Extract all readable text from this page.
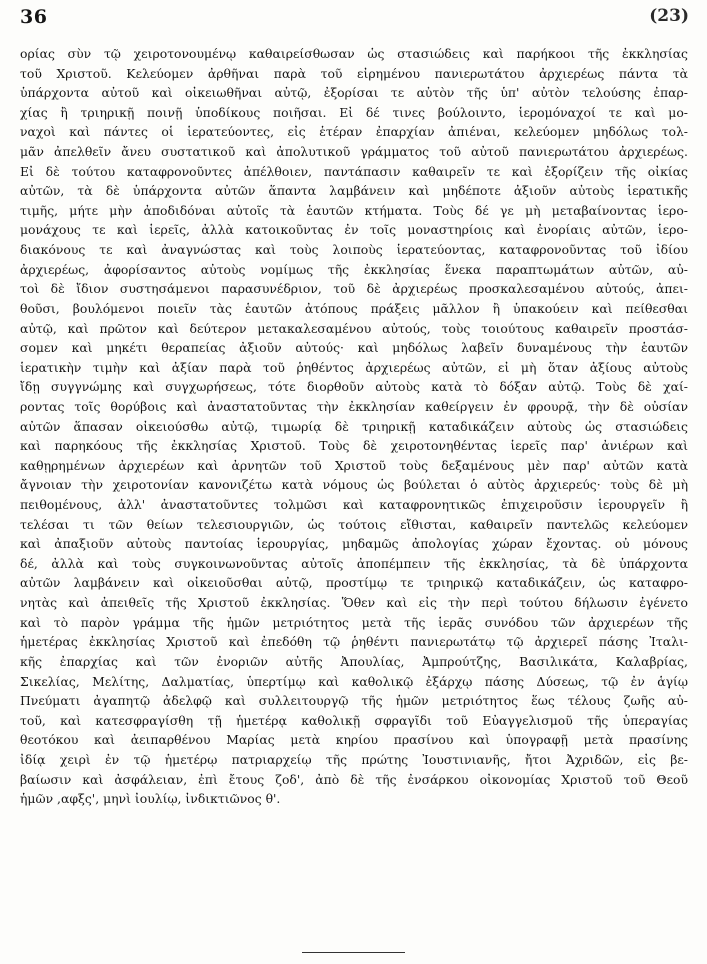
36	(23)
ορίας σὺν τῷ χειροτονουμένῳ καθαιρείσθωσαν ὡς στασιώδεις καὶ παρήκοοι τῆς ἐκκλησίας
τοῦ Χριστοῦ. Κελεύομεν ἀρθῆναι παρὰ τοῦ εἰρημένου πανιερωτάτου ἀρχιερέως πάντα τὰ
ὑπάρχοντα αὐτοῦ καὶ οἰκειωθῆναι αὐτῷ, ἐξορίσαι τε αὐτὸν τῆς ὑπ' αὐτὸν τελούσης ἐπαρ-
χίας ἢ τριηρικῇ ποινῇ ὑποδίκους ποιῆσαι. Εἰ δέ τινες βούλοιντο, ἱερομόναχοί τε καὶ μο-
ναχοὶ καὶ πάντες οἱ ἱερατεύοντες, εἰς ἑτέραν ἐπαρχίαν ἀπιέναι, κελεύομεν μηδόλως τολ-
μᾶν ἀπελθεῖν ἄνευ συστατικοῦ καὶ ἀπολυτικοῦ γράμματος τοῦ αὐτοῦ πανιερωτάτου ἀρχιερέως.
Εἰ δὲ τούτου καταφρονοῦντες ἀπέλθοιεν, παντάπασιν καθαιρεῖν τε καὶ ἐξορίζειν τῆς οἰκίας
αὐτῶν, τὰ δὲ ὑπάρχοντα αὐτῶν ἅπαντα λαμβάνειν καὶ μηδέποτε ἀξιοῦν αὐτοὺς ἱερατικῆς
τιμῆς, μήτε μὴν ἀποδιδόναι αὐτοῖς τὰ ἑαυτῶν κτήματα. Τοὺς δέ γε μὴ μεταβαίνοντας ἱερο-
μονάχους τε καὶ ἱερεῖς, ἀλλὰ κατοικοῦντας ἐν τοῖς μοναστηρίοις καὶ ἐνορίαις αὐτῶν, ἱερο-
διακόνους τε καὶ ἀναγνώστας καὶ τοὺς λοιποὺς ἱερατεύοντας, καταφρονοῦντας τοῦ ἰδίου
ἀρχιερέως, ἀφορίσαντος αὐτοὺς νομίμως τῆς ἐκκλησίας ἕνεκα παραπτωμάτων αὐτῶν, αὐ-
τοὶ δὲ ἴδιον συστησάμενοι παρασυνέδριον, τοῦ δὲ ἀρχιερέως προσκαλεσαμένου αὐτούς, ἀπει-
θοῦσι, βουλόμενοι ποιεῖν τὰς ἑαυτῶν ἀτόπους πράξεις μᾶλλον ἢ ὑπακούειν καὶ πείθεσθαι
αὐτῷ, καὶ πρῶτον καὶ δεύτερον μετακαλεσαμένου αὐτούς, τοὺς τοιούτους καθαιρεῖν προστάσ-
σομεν καὶ μηκέτι θεραπείας ἀξιοῦν αὐτούς· καὶ μηδόλως λαβεῖν δυναμένους τὴν ἑαυτῶν
ἱερατικὴν τιμὴν καὶ ἀξίαν παρὰ τοῦ ῥηθέντος ἀρχιερέως αὐτῶν, εἰ μὴ ὅταν ἀξίους αὐτοὺς
ἴδῃ συγγνώμης καὶ συγχωρήσεως, τότε διορθοῦν αὐτοὺς κατὰ τὸ δόξαν αὐτῷ. Τοὺς δὲ χαί-
ροντας τοῖς θορύβοις καὶ ἀναστατοῦντας τὴν ἐκκλησίαν καθείργειν ἐν φρουρᾷ, τὴν δὲ οὐσίαν
αὐτῶν ἅπασαν οἰκειούσθω αὐτῷ, τιμωρίᾳ δὲ τριηρικῇ καταδικάζειν αὐτοὺς ὡς στασιώδεις
καὶ παρηκόους τῆς ἐκκλησίας Χριστοῦ. Τοὺς δὲ χειροτονηθέντας ἱερεῖς παρ' ἀνιέρων καὶ
καθῃρημένων ἀρχιερέων καὶ ἀρνητῶν τοῦ Χριστοῦ τοὺς δεξαμένους μὲν παρ' αὐτῶν κατὰ
ἄγνοιαν τὴν χειροτονίαν κανονιζέτω κατὰ νόμους ὡς βούλεται ὁ αὐτὸς ἀρχιερεύς· τοὺς δὲ μὴ
πειθομένους, ἀλλ' ἀναστατοῦντες τολμῶσι καὶ καταφρονητικῶς ἐπιχειροῦσιν ἱερουργεῖν ἢ
τελέσαι τι τῶν θείων τελεσιουργιῶν, ὡς τούτοις εἴθισται, καθαιρεῖν παντελῶς κελεύομεν
καὶ ἀπαξιοῦν αὐτοὺς παντοίας ἱερουργίας, μηδαμῶς ἀπολογίας χώραν ἔχοντας. οὐ μόνους
δέ, ἀλλὰ καὶ τοὺς συγκοινωνοῦντας αὐτοῖς ἀποπέμπειν τῆς ἐκκλησίας, τὰ δὲ ὑπάρχοντα
αὐτῶν λαμβάνειν καὶ οἰκειοῦσθαι αὐτῷ, προστίμῳ τε τριηρικῷ καταδικάζειν, ὡς καταφρο-
νητὰς καὶ ἀπειθεῖς τῆς Χριστοῦ ἐκκλησίας. Ὅθεν καὶ εἰς τὴν περὶ τούτου δήλωσιν ἐγένετο
καὶ τὸ παρὸν γράμμα τῆς ἡμῶν μετριότητος μετὰ τῆς ἱερᾶς συνόδου τῶν ἀρχιερέων τῆς
ἡμετέρας ἐκκλησίας Χριστοῦ καὶ ἐπεδόθη τῷ ῥηθέντι πανιερωτάτῳ τῷ ἀρχιερεῖ πάσης Ἰταλι-
κῆς ἐπαρχίας καὶ τῶν ἐνοριῶν αὐτῆς Ἀπουλίας, Ἀμπρούτζης, Βασιλικάτα, Καλαβρίας,
Σικελίας, Μελίτης, Δαλματίας, ὑπερτίμῳ καὶ καθολικῷ ἐξάρχῳ πάσης Δύσεως, τῷ ἐν ἁγίῳ
Πνεύματι ἀγαπητῷ ἀδελφῷ καὶ συλλειτουργῷ τῆς ἡμῶν μετριότητος ἕως τέλους ζωῆς αὐ-
τοῦ, καὶ κατεσφραγίσθη τῇ ἡμετέρᾳ καθολικῇ σφραγῖδι τοῦ Εὐαγγελισμοῦ τῆς ὑπεραγίας
θεοτόκου καὶ ἀειπαρθένου Μαρίας μετὰ κηρίου πρασίνου καὶ ὑπογραφῇ μετὰ πρασίνης
ἰδίᾳ χειρὶ ἐν τῷ ἡμετέρῳ πατριαρχείῳ τῆς πρώτης Ἰουστινιανῆς, ἤτοι Ἀχριδῶν, εἰς βε-
βαίωσιν καὶ ἀσφάλειαν, ἐπὶ ἔτους ζοδ', ἀπὸ δὲ τῆς ἐνσάρκου οἰκονομίας Χριστοῦ τοῦ Θεοῦ
ἡμῶν ,αφξς', μηνὶ ἰουλίῳ, ἰνδικτιῶνος θ'.
